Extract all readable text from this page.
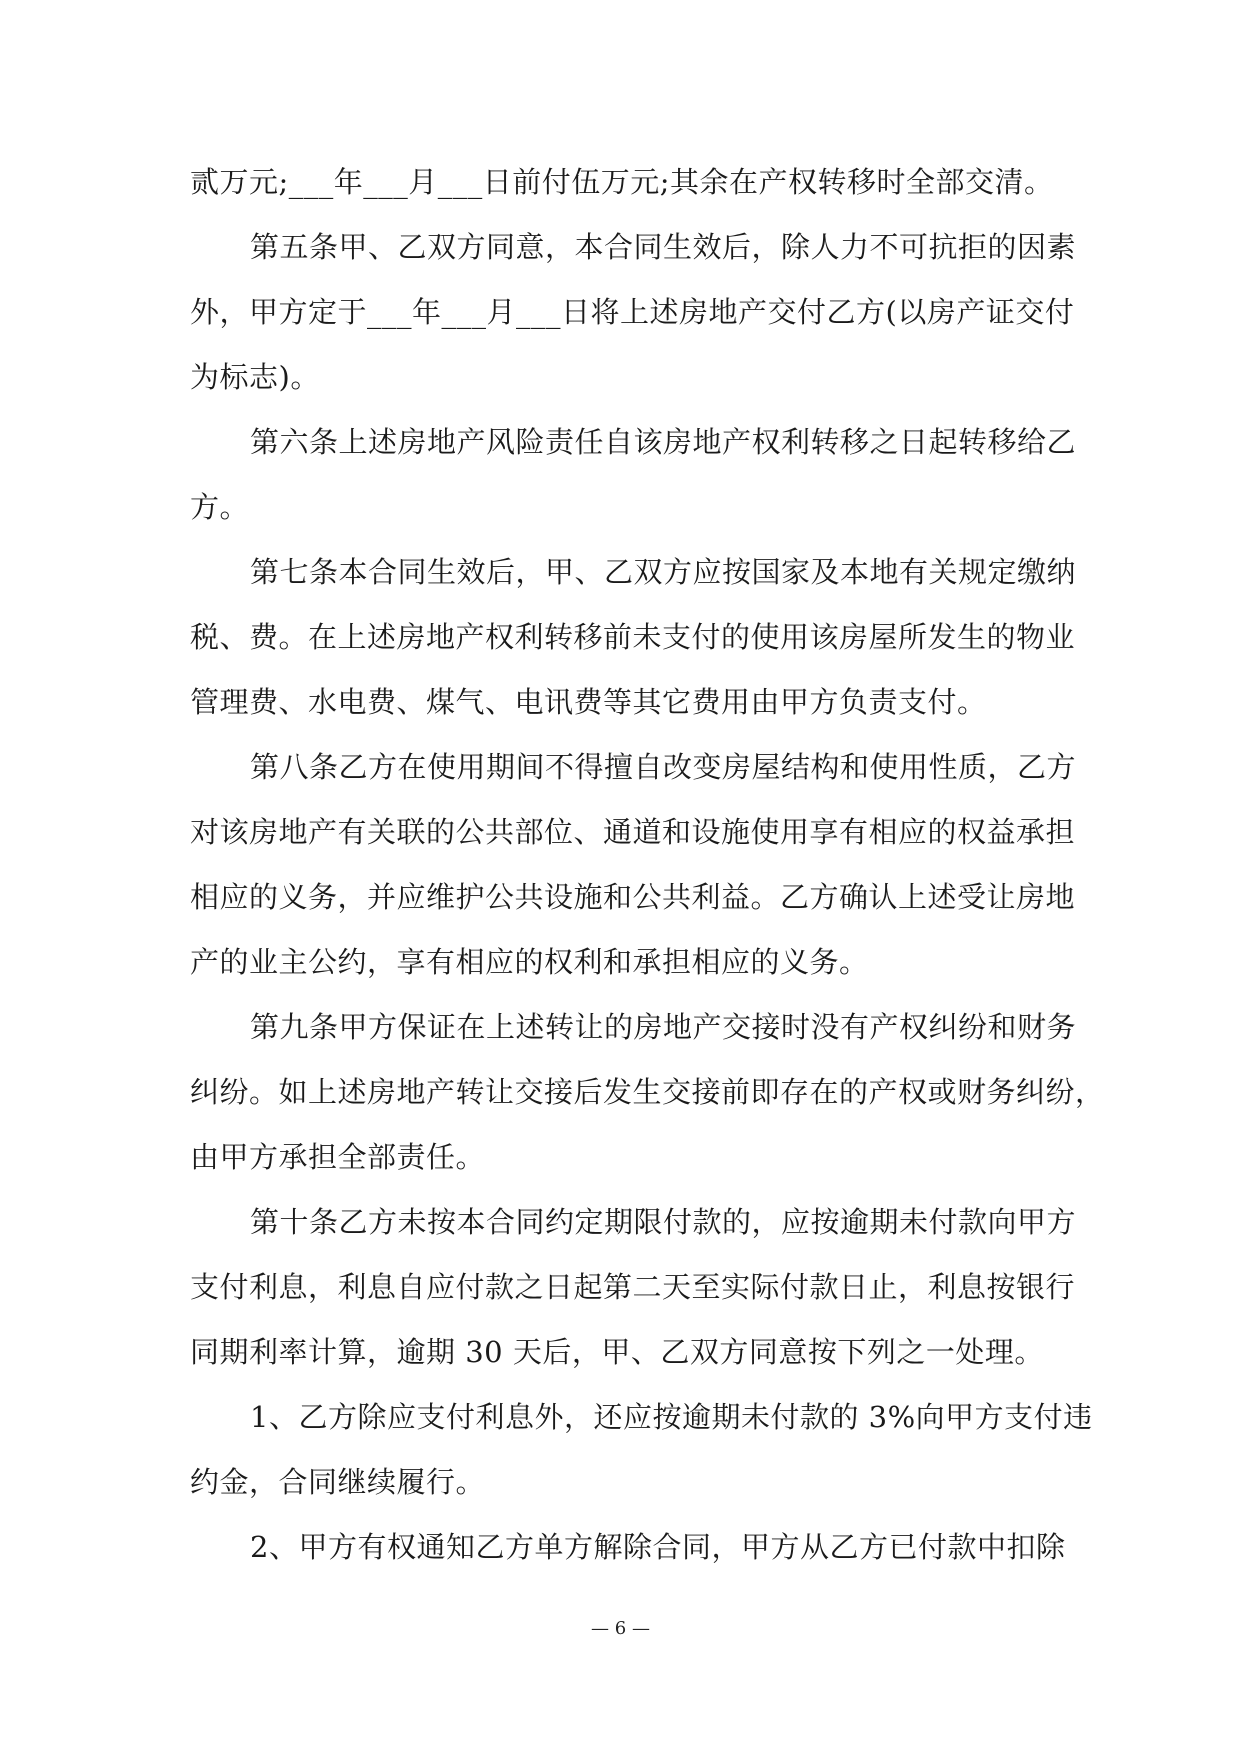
贰万元;___年___月___日前付伍万元;其余在产权转移时全部交清。
第五条甲、乙双方同意，本合同生效后，除人力不可抗拒的因素
外，甲方定于___年___月___日将上述房地产交付乙方(以房产证交付
为标志)。
第六条上述房地产风险责任自该房地产权利转移之日起转移给乙
方。
第七条本合同生效后，甲、乙双方应按国家及本地有关规定缴纳
税、费。在上述房地产权利转移前未支付的使用该房屋所发生的物业
管理费、水电费、煤气、电讯费等其它费用由甲方负责支付。
第八条乙方在使用期间不得擅自改变房屋结构和使用性质，乙方
对该房地产有关联的公共部位、通道和设施使用享有相应的权益承担
相应的义务，并应维护公共设施和公共利益。乙方确认上述受让房地
产的业主公约，享有相应的权利和承担相应的义务。
第九条甲方保证在上述转让的房地产交接时没有产权纠纷和财务
纠纷。如上述房地产转让交接后发生交接前即存在的产权或财务纠纷，
由甲方承担全部责任。
第十条乙方未按本合同约定期限付款的，应按逾期未付款向甲方
支付利息，利息自应付款之日起第二天至实际付款日止，利息按银行
同期利率计算，逾期 30 天后，甲、乙双方同意按下列之一处理。
1、乙方除应支付利息外，还应按逾期未付款的 3%向甲方支付违
约金，合同继续履行。
2、甲方有权通知乙方单方解除合同，甲方从乙方已付款中扣除
— 6 —
